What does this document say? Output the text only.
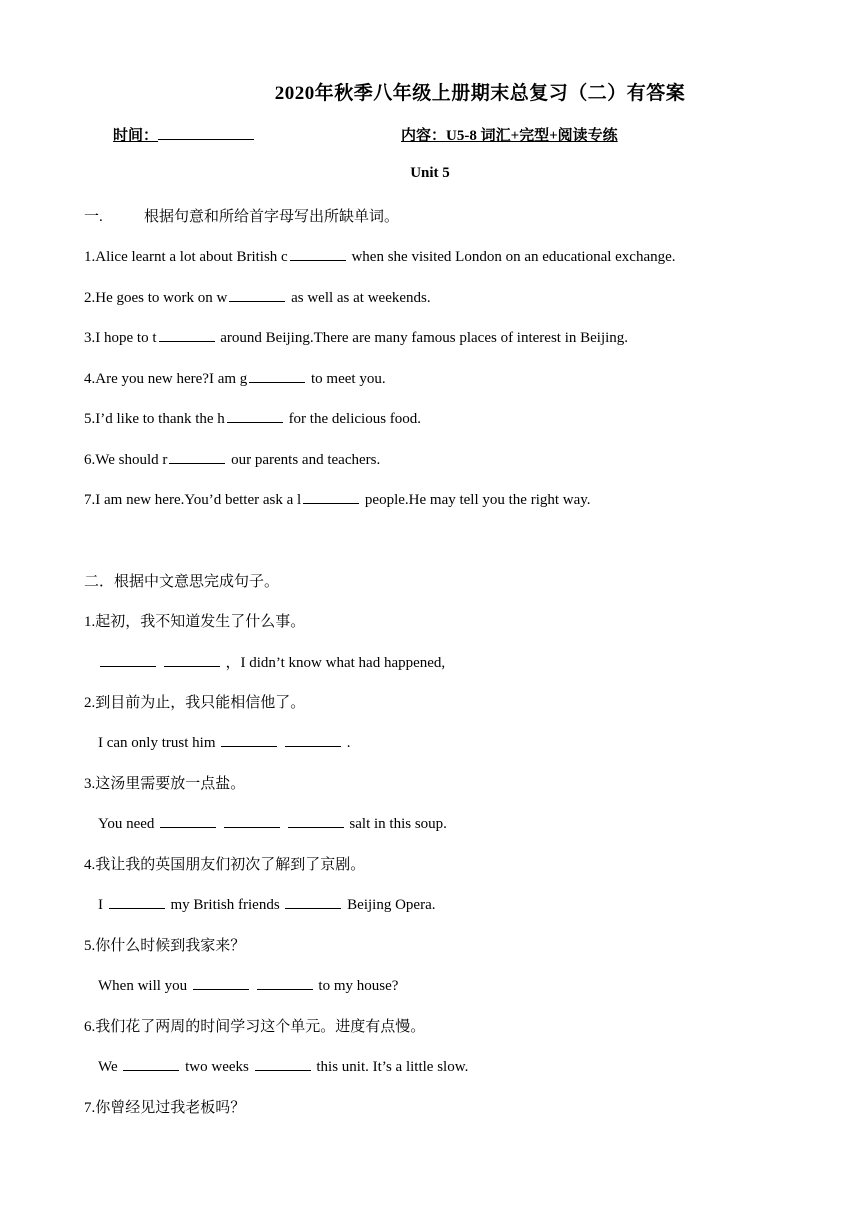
2020年秋季八年级上册期末总复习（二）有答案
时间：	内容：U5-8 词汇+完型+阅读专练
Unit 5
一.	根据句意和所给首字母写出所缺单词。
1.Alice learnt a lot about British c	when she visited London on an educational exchange.
2.He goes to work on w	as well as at weekends.
3.I hope to t	around Beijing.There are many famous places of interest in Beijing.
4.Are you new here?I am g	to meet you.
5.I’d like to thank the h	for the delicious food.
6.We should r	our parents and teachers.
7.I am new here.You’d better ask a l	people.He may tell you the right way.
二．根据中文意思完成句子。
1.起初，我不知道发生了什么事。
，I didn’t know what had happened,
2.到目前为止，我只能相信他了。
I can only trust him	.
3.这汤里需要放一点盐。
You need	salt in this soup.
4.我让我的英国朋友们初次了解到了京剧。
I	my British friends	Beijing Opera.
5.你什么时候到我家来？
When will you	to my house?
6.我们花了两周的时间学习这个单元。进度有点慢。
We	two weeks	this unit. It’s a little slow.
7.你曾经见过我老板吗？
